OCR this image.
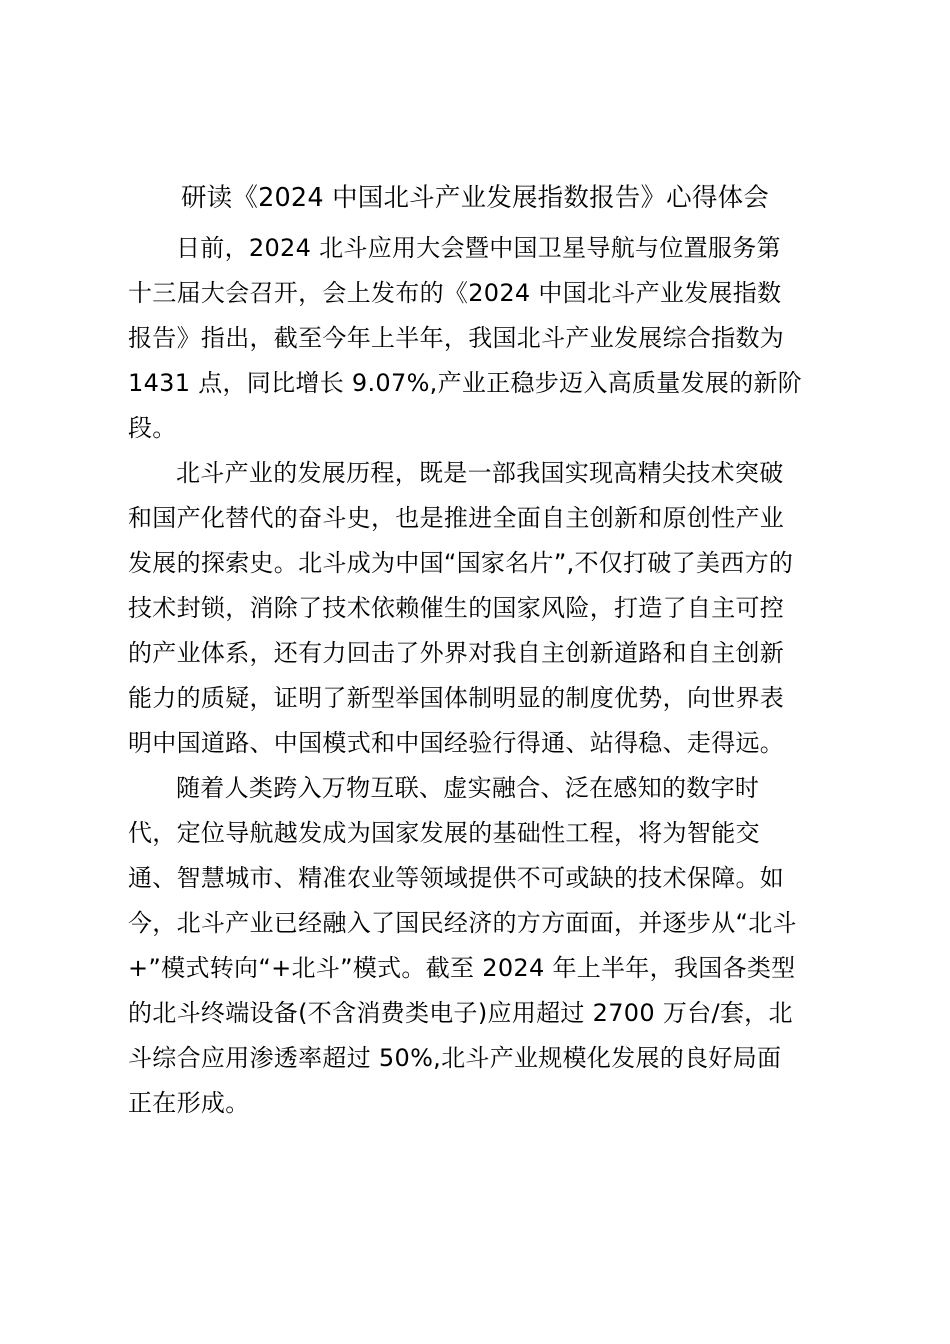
研读《2024 中国北斗产业发展指数报告》心得体会
日前，2024 北斗应用大会暨中国卫星导航与位置服务第
十三届大会召开，会上发布的《2024 中国北斗产业发展指数
报告》指出，截至今年上半年，我国北斗产业发展综合指数为
1431 点，同比增长 9.07%,产业正稳步迈入高质量发展的新阶
段。
北斗产业的发展历程，既是一部我国实现高精尖技术突破
和国产化替代的奋斗史，也是推进全面自主创新和原创性产业
发展的探索史。北斗成为中国“国家名片”,不仅打破了美西方的
技术封锁，消除了技术依赖催生的国家风险，打造了自主可控
的产业体系，还有力回击了外界对我自主创新道路和自主创新
能力的质疑，证明了新型举国体制明显的制度优势，向世界表
明中国道路、中国模式和中国经验行得通、站得稳、走得远。
随着人类跨入万物互联、虚实融合、泛在感知的数字时
代，定位导航越发成为国家发展的基础性工程，将为智能交
通、智慧城市、精准农业等领域提供不可或缺的技术保障。如
今，北斗产业已经融入了国民经济的方方面面，并逐步从“北斗
+”模式转向“+北斗”模式。截至 2024 年上半年，我国各类型
的北斗终端设备(不含消费类电子)应用超过 2700 万台/套，北
斗综合应用渗透率超过 50%,北斗产业规模化发展的良好局面
正在形成。
